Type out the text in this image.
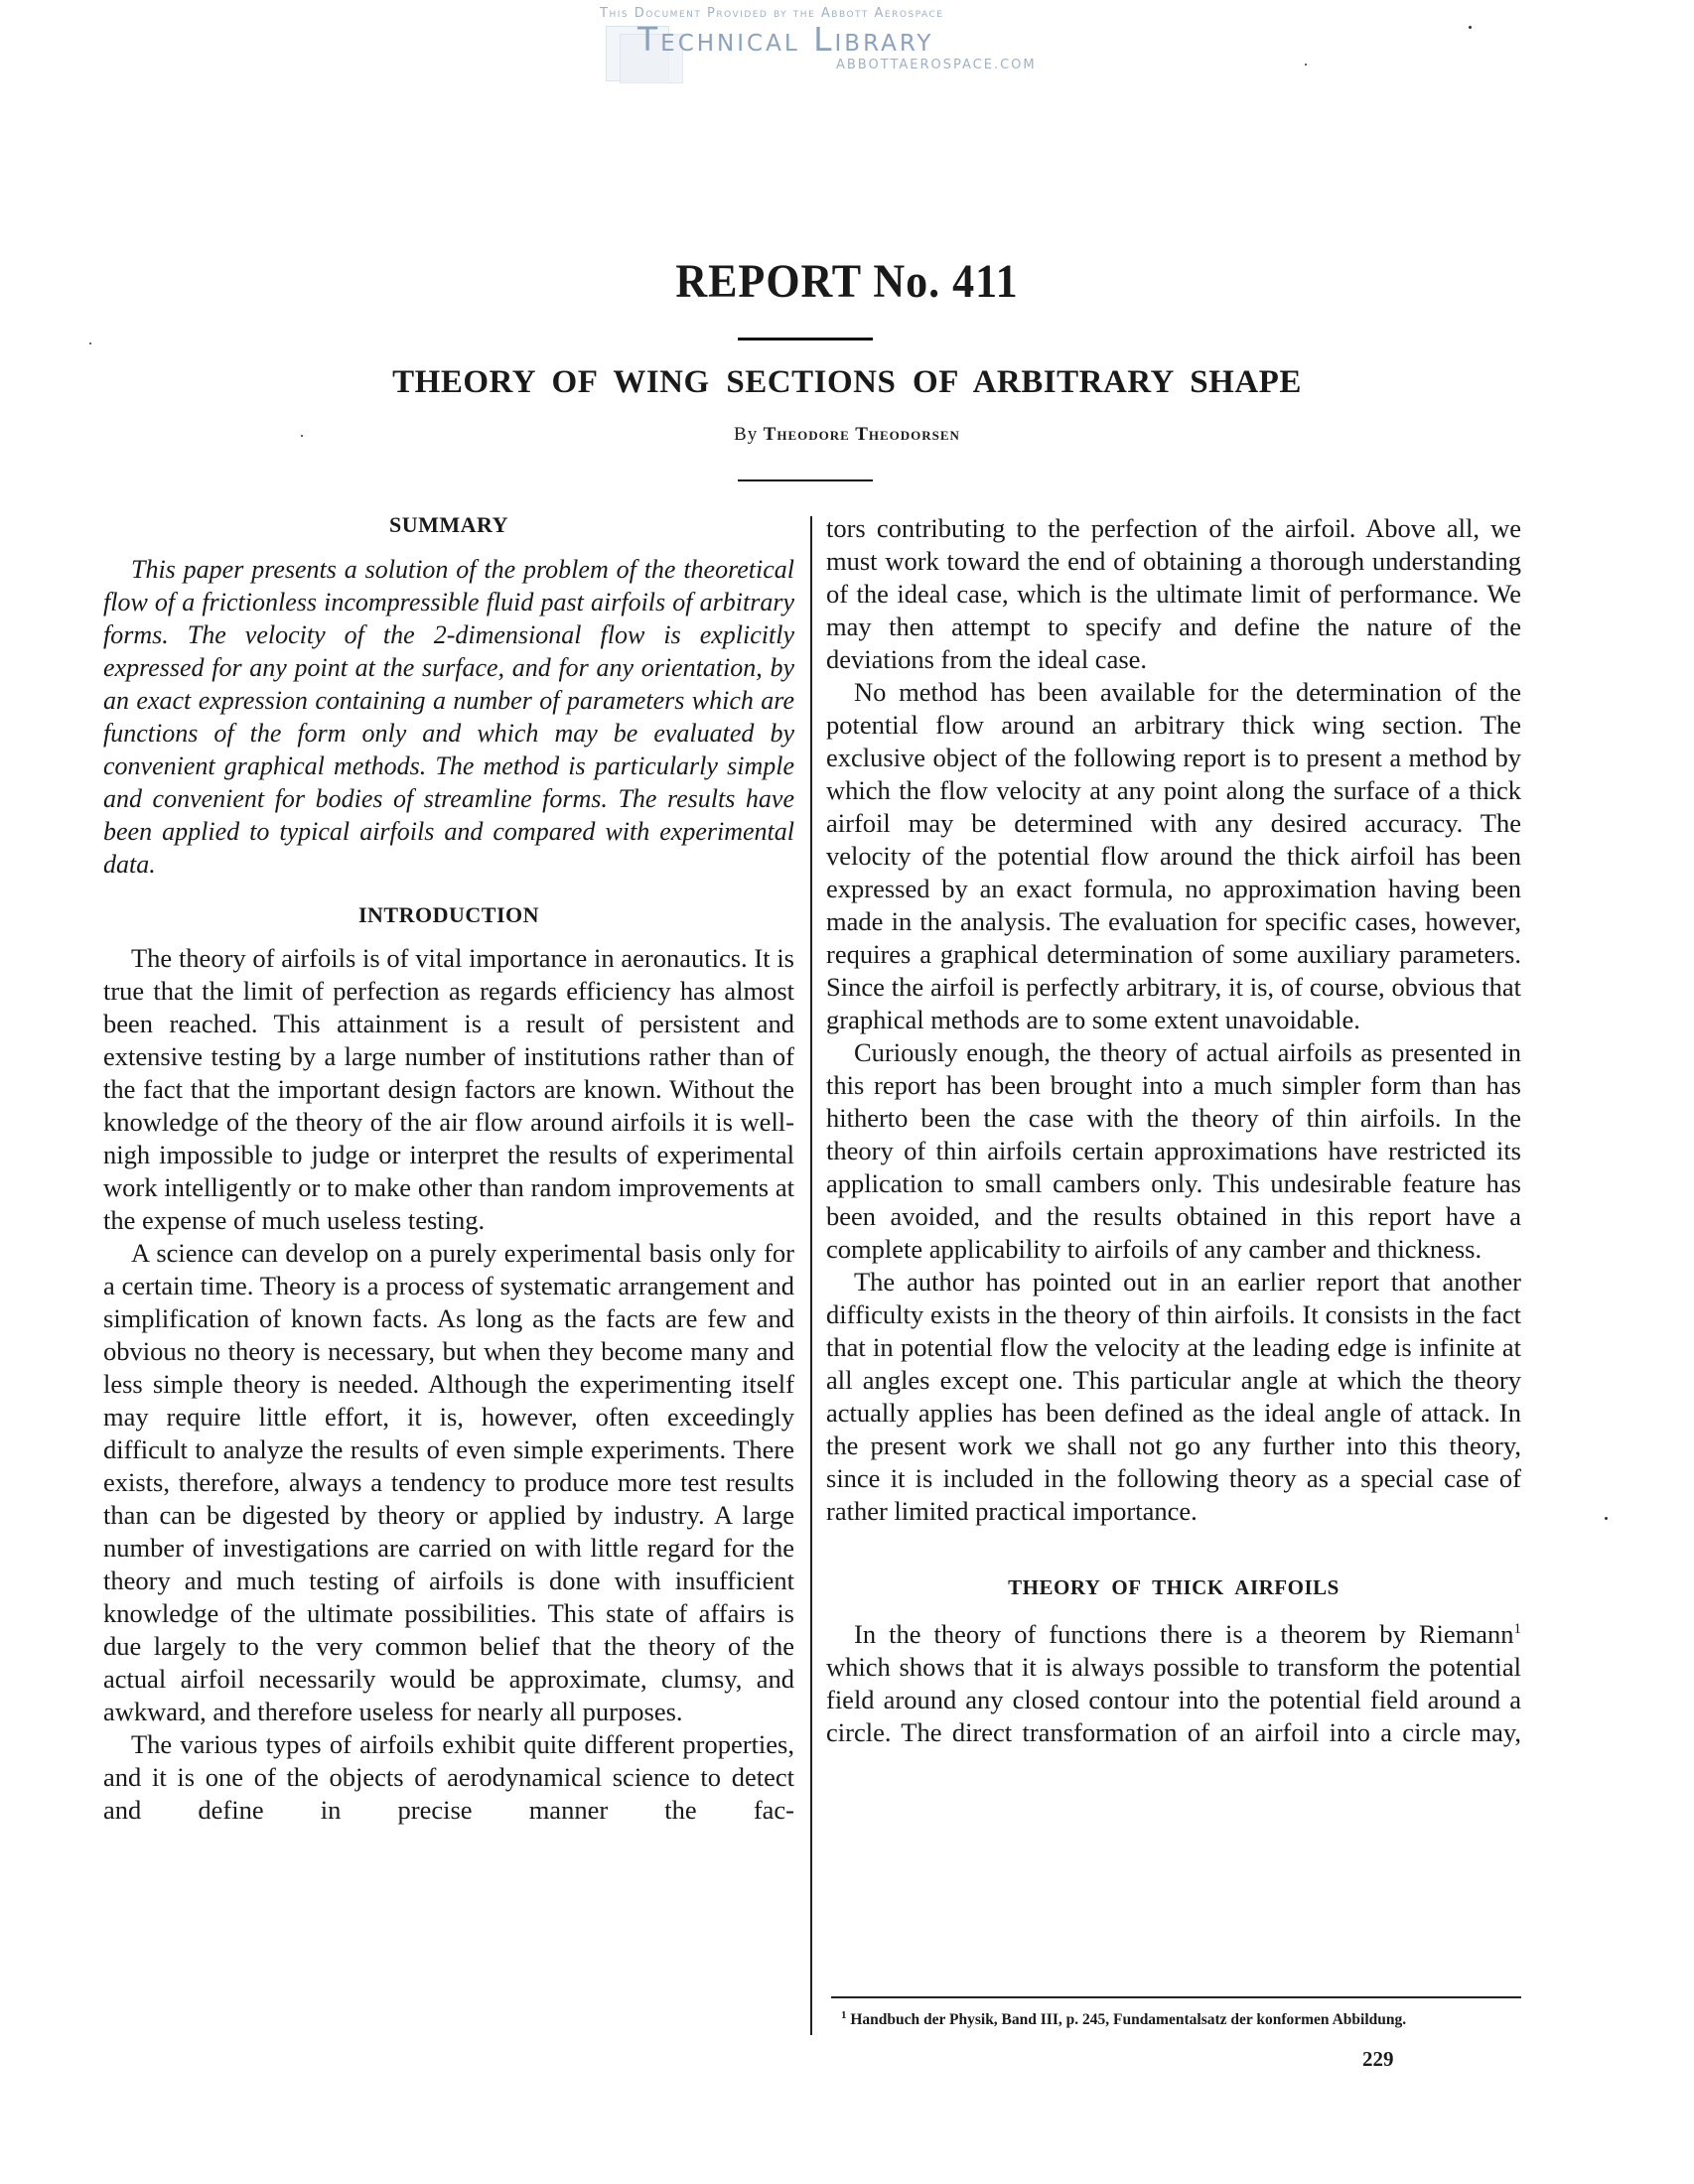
This Document Provided by the Abbott Aerospace
Technical Library
ABBOTTAEROSPACE.COM
REPORT No. 411
THEORY OF WING SECTIONS OF ARBITRARY SHAPE
By Theodore Theodorsen
SUMMARY

This paper presents a solution of the problem of the theoretical flow of a frictionless incompressible fluid past airfoils of arbitrary forms. The velocity of the 2-dimensional flow is explicitly expressed for any point at the surface, and for any orientation, by an exact expression containing a number of parameters which are functions of the form only and which may be evaluated by convenient graphical methods. The method is particularly simple and convenient for bodies of streamline forms. The results have been applied to typical airfoils and compared with experimental data.

INTRODUCTION

The theory of airfoils is of vital importance in aeronautics. It is true that the limit of perfection as regards efficiency has almost been reached. This attainment is a result of persistent and extensive testing by a large number of institutions rather than of the fact that the important design factors are known. Without the knowledge of the theory of the air flow around airfoils it is well-nigh impossible to judge or interpret the results of experimental work intelligently or to make other than random improvements at the expense of much useless testing.

A science can develop on a purely experimental basis only for a certain time. Theory is a process of systematic arrangement and simplification of known facts. As long as the facts are few and obvious no theory is necessary, but when they become many and less simple theory is needed. Although the experimenting itself may require little effort, it is, however, often exceedingly difficult to analyze the results of even simple experiments. There exists, therefore, always a tendency to produce more test results than can be digested by theory or applied by industry. A large number of investigations are carried on with little regard for the theory and much testing of airfoils is done with insufficient knowledge of the ultimate possibilities. This state of affairs is due largely to the very common belief that the theory of the actual airfoil necessarily would be approximate, clumsy, and awkward, and therefore useless for nearly all purposes.

The various types of airfoils exhibit quite different properties, and it is one of the objects of aerodynamical science to detect and define in precise manner the fac-

tors contributing to the perfection of the airfoil. Above all, we must work toward the end of obtaining a thorough understanding of the ideal case, which is the ultimate limit of performance. We may then attempt to specify and define the nature of the deviations from the ideal case.

No method has been available for the determination of the potential flow around an arbitrary thick wing section. The exclusive object of the following report is to present a method by which the flow velocity at any point along the surface of a thick airfoil may be determined with any desired accuracy. The velocity of the potential flow around the thick airfoil has been expressed by an exact formula, no approximation having been made in the analysis. The evaluation for specific cases, however, requires a graphical determination of some auxiliary parameters. Since the airfoil is perfectly arbitrary, it is, of course, obvious that graphical methods are to some extent unavoidable.

Curiously enough, the theory of actual airfoils as presented in this report has been brought into a much simpler form than has hitherto been the case with the theory of thin airfoils. In the theory of thin airfoils certain approximations have restricted its application to small cambers only. This undesirable feature has been avoided, and the results obtained in this report have a complete applicability to airfoils of any camber and thickness.

The author has pointed out in an earlier report that another difficulty exists in the theory of thin airfoils. It consists in the fact that in potential flow the velocity at the leading edge is infinite at all angles except one. This particular angle at which the theory actually applies has been defined as the ideal angle of attack. In the present work we shall not go any further into this theory, since it is included in the following theory as a special case of rather limited practical importance.

THEORY OF THICK AIRFOILS

In the theory of functions there is a theorem by Riemann$^1$ which shows that it is always possible to transform the potential field around any closed contour into the potential field around a circle. The direct transformation of an airfoil into a circle may,

$^1$ Handbuch der Physik, Band III, p. 245, Fundamentalsatz der konformen Abbildung.
229
